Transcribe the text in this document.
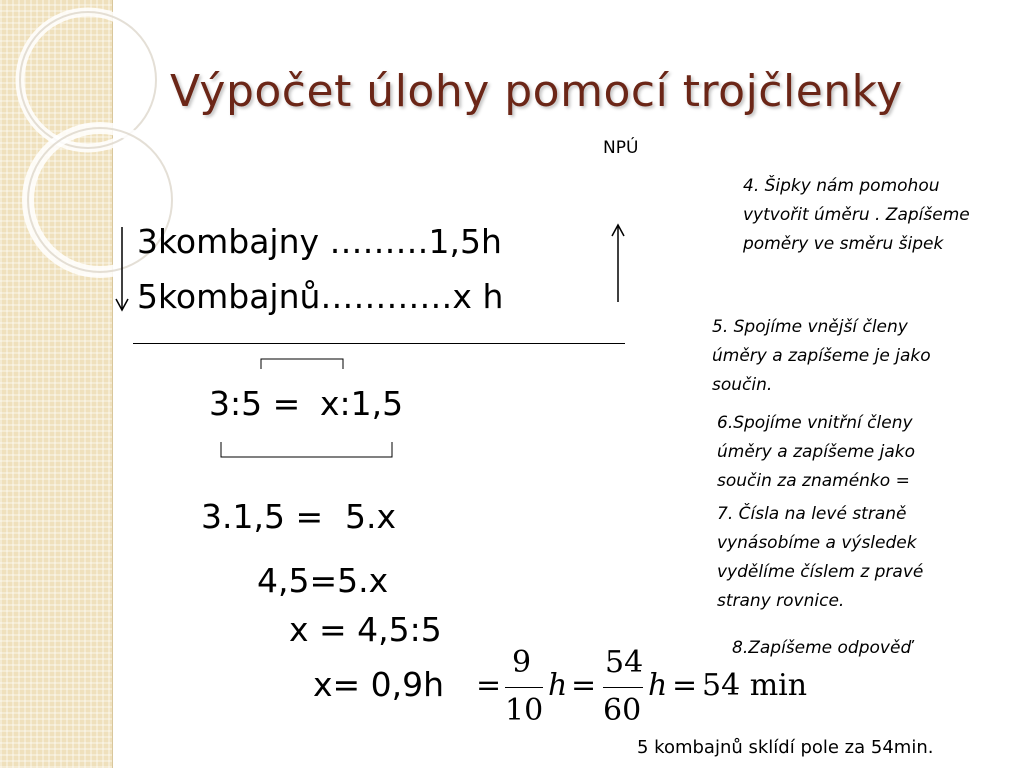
Výpočet úlohy pomocí trojčlenky
NPÚ
3kombajny ………1,5h
5kombajnů…………x h
3:5 = x:1,5
3.1,5 = 5.x
4,5=5.x
x = 4,5:5
x= 0,9h =
9
10
h =
54
60
h = 54 min
4. Šipky nám pomohou vytvořit úměru . Zapíšeme poměry ve směru šipek
5. Spojíme vnější členy úměry a zapíšeme je jako součin.
6.Spojíme vnitřní členy úměry a zapíšeme jako součin za znaménko =
7. Čísla na levé straně vynásobíme a výsledek vydělíme číslem z pravé strany rovnice.
8.Zapíšeme odpověď
5 kombajnů sklídí pole za 54min.
